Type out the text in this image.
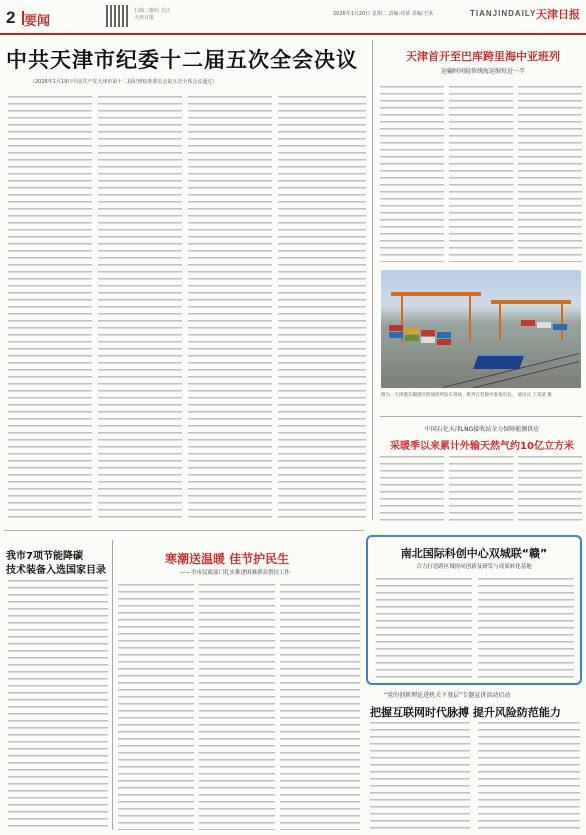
2 要闻
扫描二维码 关注天津日报
2026年1月20日 星期二 责编:周某 美编:王某	TIANJINDAILY 天津日报
中共天津市纪委十二届五次全会决议
（2026年1月19日中国共产党天津市第十二届纪律检查委员会第五次全体会议通过）
天津首开至巴库跨里海中亚班列
运输时间较传统海运缩短近一半
图为，天津港东疆港区跨境班列发车现场，班列在装载中准备出发。 通讯员 王某某 摄
中国石化天津LNG接收站全力保障能源供应
采暖季以来累计外输天然气约10亿立方米
我市7项节能降碳
技术装备入选国家目录
寒潮送温暖 佳节护民生
——全市民政部门扎实推进困难群众帮扶工作
南北国际科创中心双城联“赣”
合力打造跨区域协同创新及研发与成果转化基地
“党的创新理论进机关下基层”专题宣讲活动启动
把握互联网时代脉搏 提升风险防范能力
